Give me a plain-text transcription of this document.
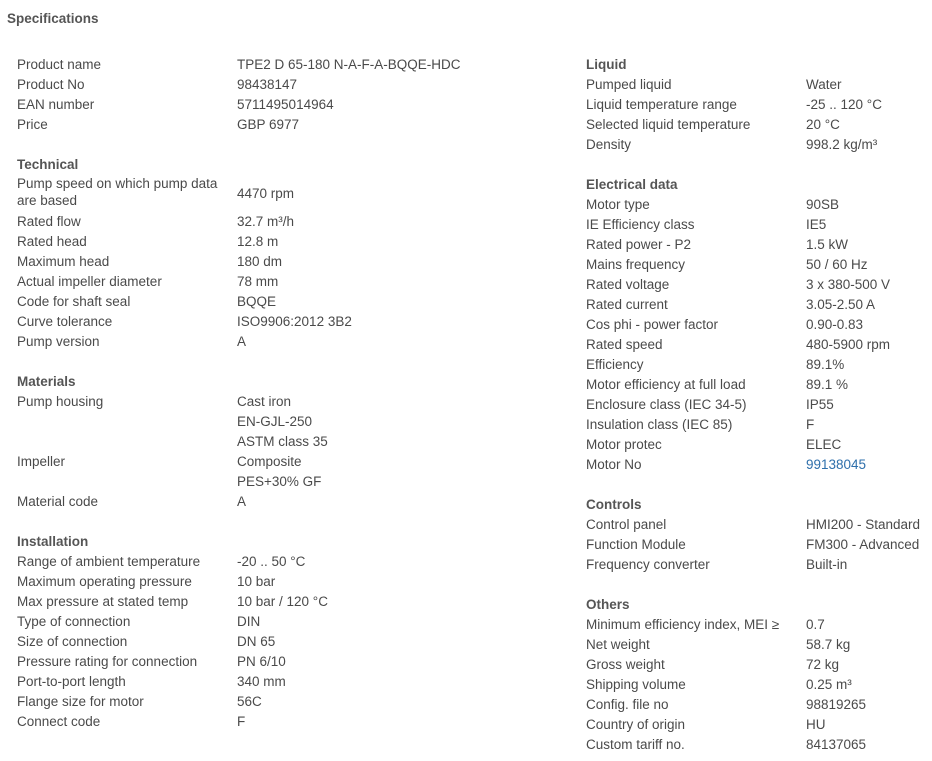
Specifications
Product name	TPE2 D 65-180 N-A-F-A-BQQE-HDC
Product No	98438147
EAN number	5711495014964
Price	GBP 6977
Technical
Pump speed on which pump data are based	4470 rpm
Rated flow	32.7 m³/h
Rated head	12.8 m
Maximum head	180 dm
Actual impeller diameter	78 mm
Code for shaft seal	BQQE
Curve tolerance	ISO9906:2012 3B2
Pump version	A
Materials
Pump housing	Cast iron
EN-GJL-250
ASTM class 35
Impeller	Composite
PES+30% GF
Material code	A
Installation
Range of ambient temperature	-20 .. 50 °C
Maximum operating pressure	10 bar
Max pressure at stated temp	10 bar / 120 °C
Type of connection	DIN
Size of connection	DN 65
Pressure rating for connection	PN 6/10
Port-to-port length	340 mm
Flange size for motor	56C
Connect code	F
Liquid
Pumped liquid	Water
Liquid temperature range	-25 .. 120 °C
Selected liquid temperature	20 °C
Density	998.2 kg/m³
Electrical data
Motor type	90SB
IE Efficiency class	IE5
Rated power - P2	1.5 kW
Mains frequency	50 / 60 Hz
Rated voltage	3 x 380-500 V
Rated current	3.05-2.50 A
Cos phi - power factor	0.90-0.83
Rated speed	480-5900 rpm
Efficiency	89.1%
Motor efficiency at full load	89.1 %
Enclosure class (IEC 34-5)	IP55
Insulation class (IEC 85)	F
Motor protec	ELEC
Motor No	99138045
Controls
Control panel	HMI200 - Standard
Function Module	FM300 - Advanced
Frequency converter	Built-in
Others
Minimum efficiency index, MEI ≥	0.7
Net weight	58.7 kg
Gross weight	72 kg
Shipping volume	0.25 m³
Config. file no	98819265
Country of origin	HU
Custom tariff no.	84137065
